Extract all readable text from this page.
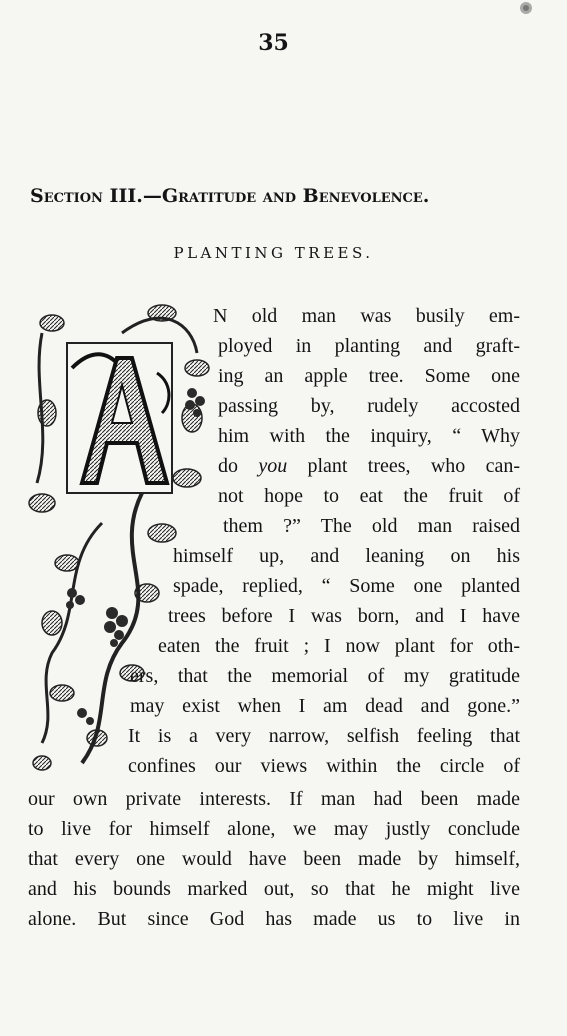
35
Section III.—Gratitude and Benevolence.
PLANTING TREES.
N old man was busily em-
ployed in planting and graft-
ing an apple tree. Some one
passing by, rudely accosted
him with the inquiry, “ Why
do you plant trees, who can-
not hope to eat the fruit of
them ?” The old man raised
himself up, and leaning on his
spade, replied, “ Some one planted
trees before I was born, and I have
eaten the fruit ; I now plant for oth-
ers, that the memorial of my gratitude
may exist when I am dead and gone.”
It is a very narrow, selfish feeling that
confines our views within the circle of
our own private interests. If man had been made
to live for himself alone, we may justly conclude
that every one would have been made by himself,
and his bounds marked out, so that he might live
alone. But since God has made us to live in
